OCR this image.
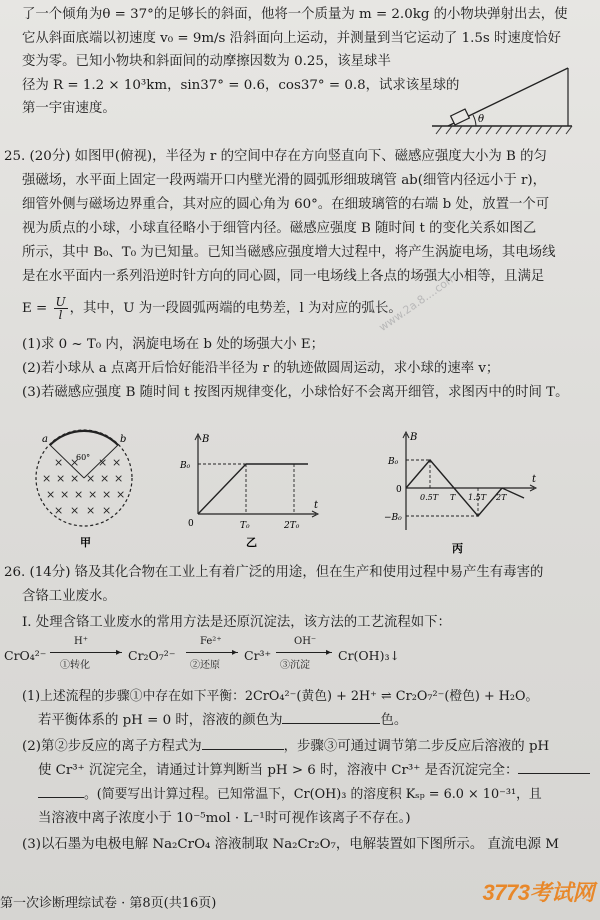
了一个倾角为θ = 37°的足够长的斜面，他将一个质量为 m = 2.0kg 的小物块弹射出去，使
它从斜面底端以初速度 v₀ = 9m/s 沿斜面向上运动，并测量到当它运动了 1.5s 时速度恰好
变为零。已知小物块和斜面间的动摩擦因数为 0.25，该星球半
径为 R = 1.2 × 10³km，sin37° = 0.6，cos37° = 0.8，试求该星球的
第一宇宙速度。
θ
25. (20分) 如图甲(俯视)，半径为 r 的空间中存在方向竖直向下、磁感应强度大小为 B 的匀
强磁场，水平面上固定一段两端开口内壁光滑的圆弧形细玻璃管 ab(细管内径远小于 r)，
细管外侧与磁场边界重合，其对应的圆心角为 60°。在细玻璃管的右端 b 处，放置一个可
视为质点的小球，小球直径略小于细管内径。磁感应强度 B 随时间 t 的变化关系如图乙
所示，其中 B₀、T₀ 为已知量。已知当磁感应强度增大过程中，将产生涡旋电场，其电场线
是在水平面内一系列沿逆时针方向的同心圆，同一电场线上各点的场强大小相等，且满足
$E = \frac{U}{l}$ ，其中，U 为一段圆弧两端的电势差，l 为对应的弧长。
(1)求 0 ~ T₀ 内，涡旋电场在 b 处的场强大小 E；
(2)若小球从 a 点离开后恰好能沿半径为 r 的轨迹做圆周运动，求小球的速率 v；
(3)若磁感应强度 B 随时间 t 按图丙规律变化，小球恰好不会离开细管，求图丙中的时间 T。
www.2a.8....com
× × × ×
× × × × × ×
× × × × × ×
× × × ×
a	b
60°
甲
B
t
B₀
0	T₀	2T₀
乙
B
t
B₀
0
−B₀
0.5T T 1.5T 2T
丙
26. (14分) 铬及其化合物在工业上有着广泛的用途，但在生产和使用过程中易产生有毒害的
含铬工业废水。
Ⅰ. 处理含铬工业废水的常用方法是还原沉淀法，该方法的工艺流程如下：
CrO₄²⁻
H⁺
▸
①转化
Cr₂O₇²⁻
Fe²⁺
▸
②还原
Cr³⁺
OH⁻
▸
③沉淀
Cr(OH)₃↓
(1)上述流程的步骤①中存在如下平衡：2CrO₄²⁻(黄色) + 2H⁺ ⇌ Cr₂O₇²⁻(橙色) + H₂O。
若平衡体系的 pH = 0 时，溶液的颜色为	色。
(2)第②步反应的离子方程式为	，步骤③可通过调节第二步反应后溶液的 pH
使 Cr³⁺ 沉淀完全，请通过计算判断当 pH > 6 时，溶液中 Cr³⁺ 是否沉淀完全：
。(简要写出计算过程。已知常温下，Cr(OH)₃ 的溶度积 Kₛₚ = 6.0 × 10⁻³¹，且
当溶液中离子浓度小于 10⁻⁵mol · L⁻¹时可视作该离子不存在。)
(3)以石墨为电极电解 Na₂CrO₄ 溶液制取 Na₂Cr₂O₇，电解装置如下图所示。 直流电源 M
第一次诊断理综试卷 · 第8页(共16页)	3773考试网
